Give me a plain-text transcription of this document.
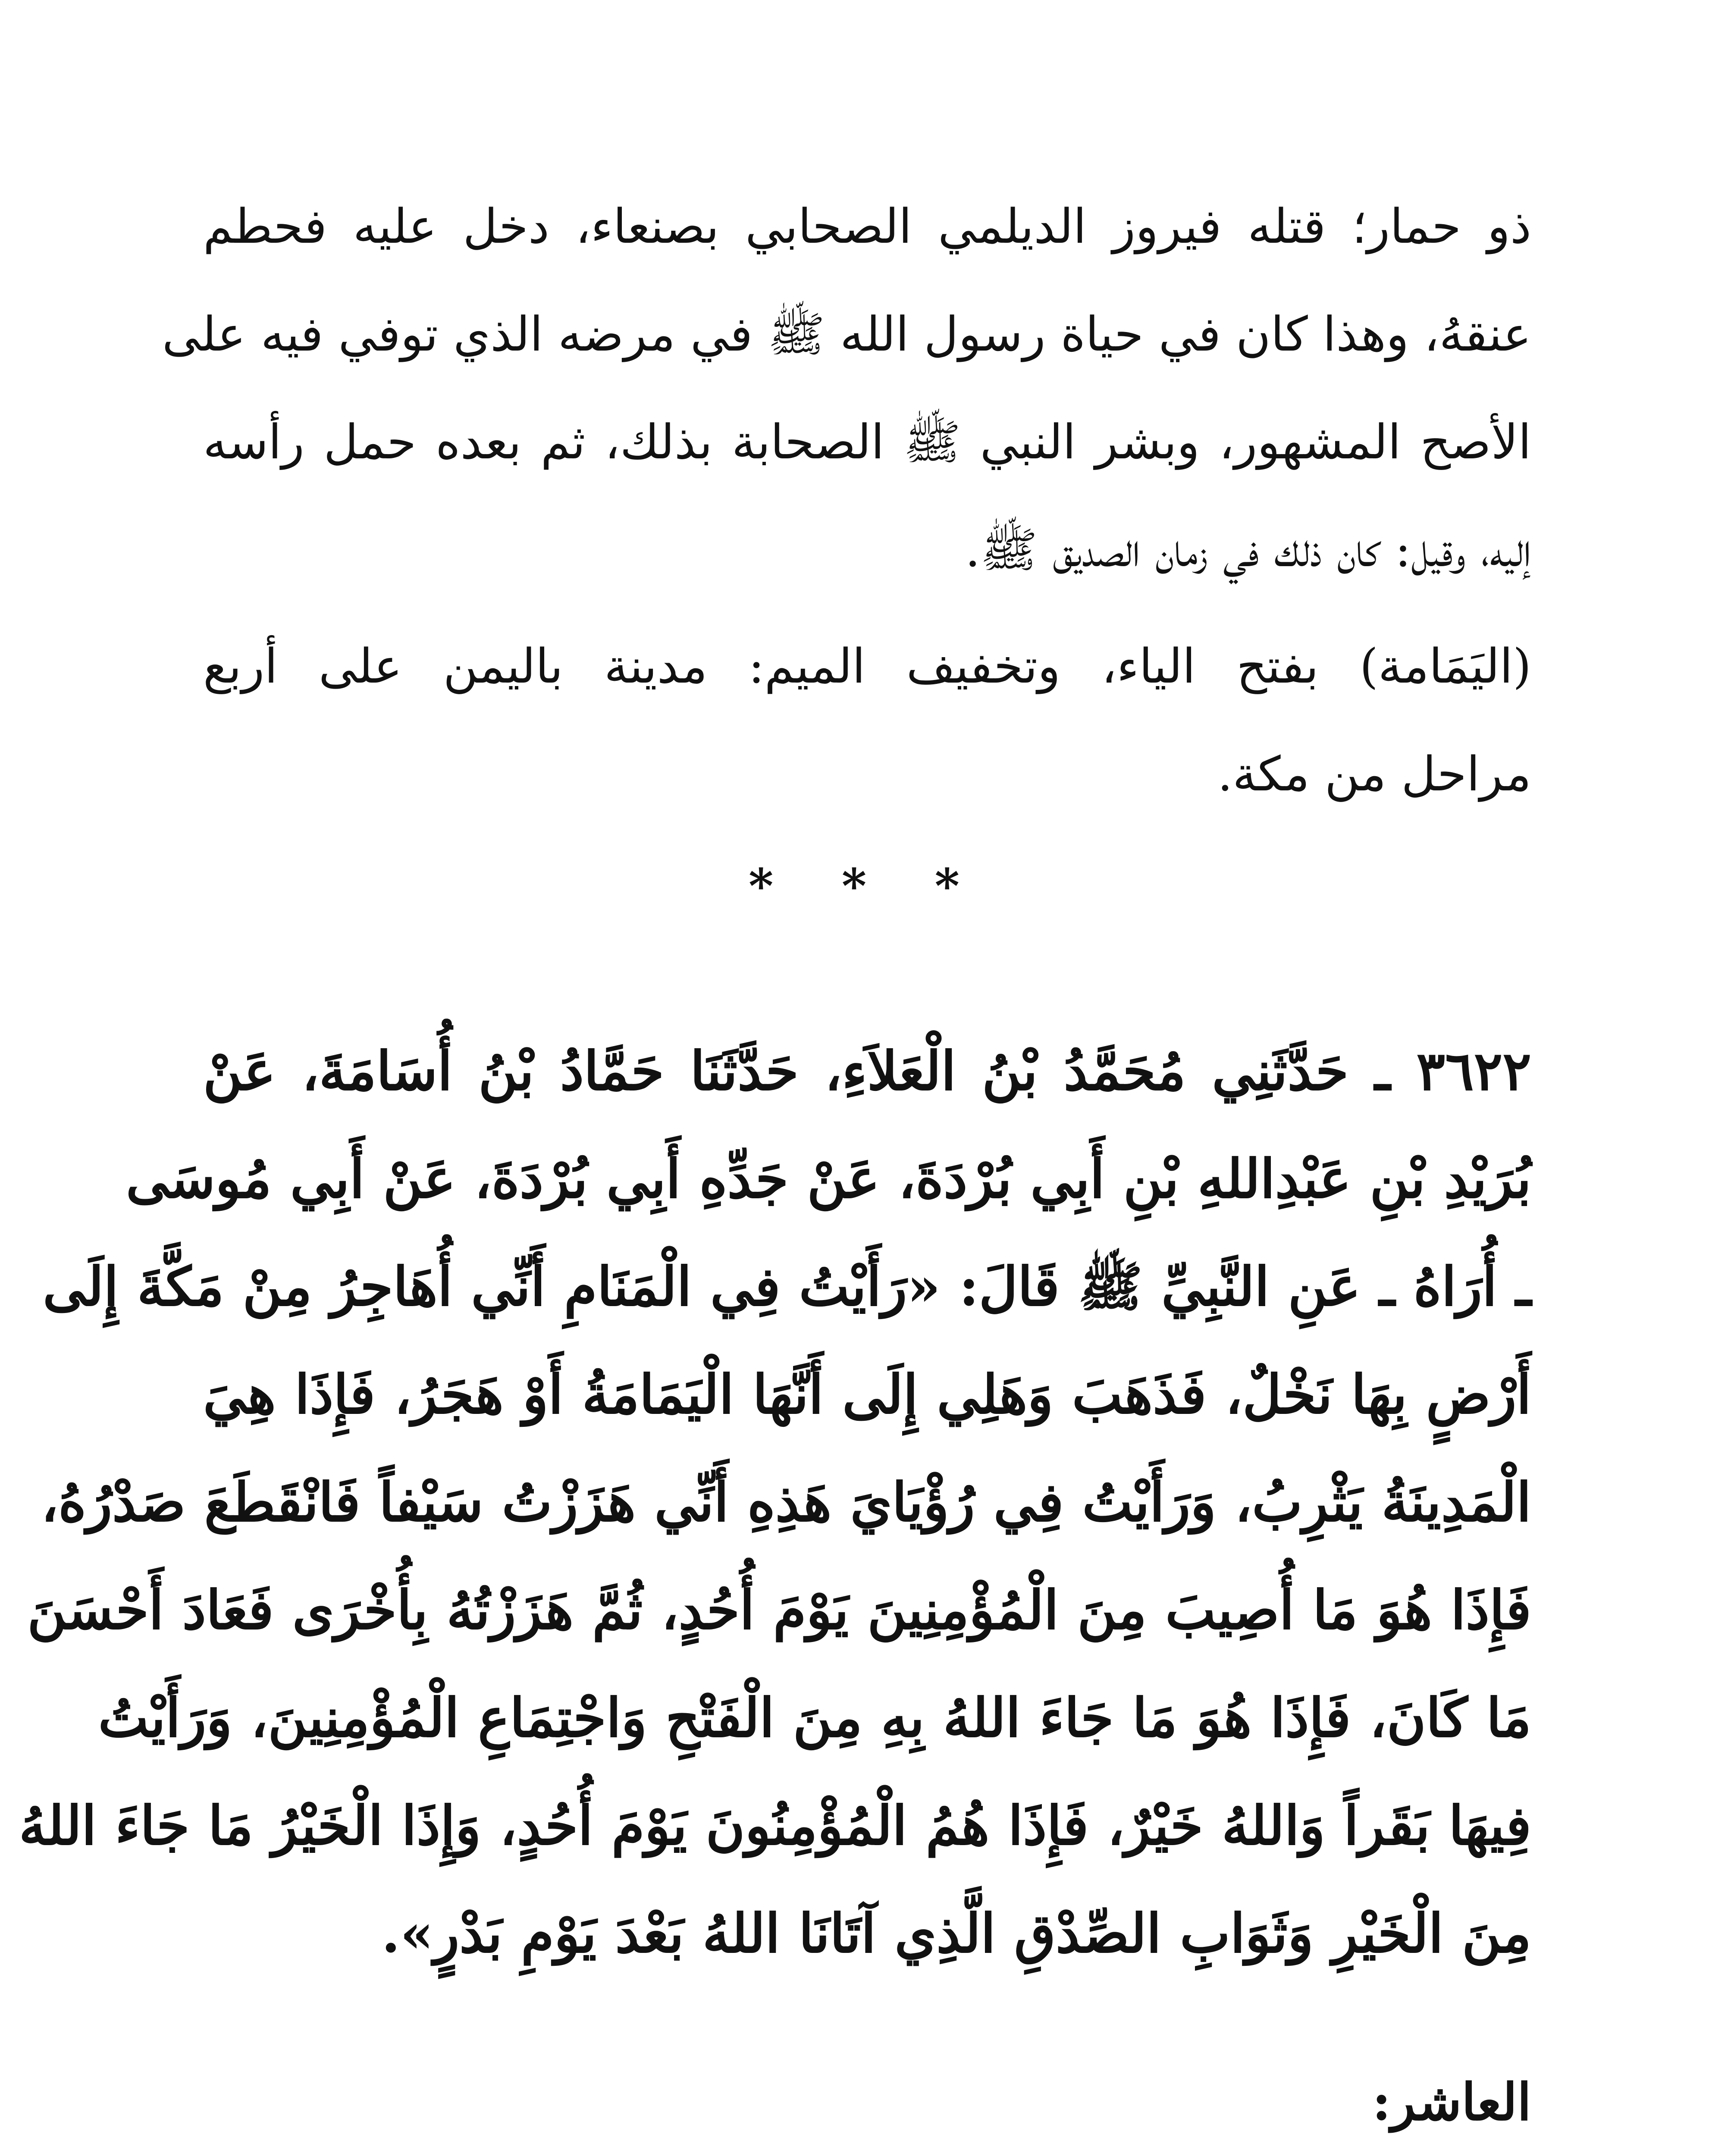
ذو حمار؛ قتله فيروز الديلمي الصحابي بصنعاء، دخل عليه فحطم

عنقهُ، وهذا كان في حياة رسول الله ﷺ في مرضه الذي توفي فيه على

الأصح المشهور، وبشر النبي ﷺ الصحابة بذلك، ثم بعده حمل رأسه

إليه، وقيل: كان ذلك في زمان الصديق ﷺ.

(اليَمَامة) بفتح الياء، وتخفيف الميم: مدينة باليمن على أربع

مراحل من مكة.

* * *

٣٦٢٢ ـ حَدَّثَنِي مُحَمَّدُ بْنُ الْعَلاَءِ، حَدَّثَنَا حَمَّادُ بْنُ أُسَامَةَ، عَنْ

بُرَيْدِ بْنِ عَبْدِاللهِ بْنِ أَبِي بُرْدَةَ، عَنْ جَدِّهِ أَبِي بُرْدَةَ، عَنْ أَبِي مُوسَى

ـ أُرَاهُ ـ عَنِ النَّبِيِّ ﷺ قَالَ: «رَأَيْتُ فِي الْمَنَامِ أَنِّي أُهَاجِرُ مِنْ مَكَّةَ إِلَى

أَرْضٍ بِهَا نَخْلٌ، فَذَهَبَ وَهَلِي إِلَى أَنَّهَا الْيَمَامَةُ أَوْ هَجَرُ، فَإِذَا هِيَ

الْمَدِينَةُ يَثْرِبُ، وَرَأَيْتُ فِي رُؤْيَايَ هَذِهِ أَنِّي هَزَزْتُ سَيْفاً فَانْقَطَعَ صَدْرُهُ،

فَإِذَا هُوَ مَا أُصِيبَ مِنَ الْمُؤْمِنِينَ يَوْمَ أُحُدٍ، ثُمَّ هَزَزْتُهُ بِأُخْرَى فَعَادَ أَحْسَنَ

مَا كَانَ، فَإِذَا هُوَ مَا جَاءَ اللهُ بِهِ مِنَ الْفَتْحِ وَاجْتِمَاعِ الْمُؤْمِنِينَ، وَرَأَيْتُ

فِيهَا بَقَراً وَاللهُ خَيْرٌ، فَإِذَا هُمُ الْمُؤْمِنُونَ يَوْمَ أُحُدٍ، وَإِذَا الْخَيْرُ مَا جَاءَ اللهُ

مِنَ الْخَيْرِ وَثَوَابِ الصِّدْقِ الَّذِي آتَانَا اللهُ بَعْدَ يَوْمِ بَدْرٍ».

العاشر:
